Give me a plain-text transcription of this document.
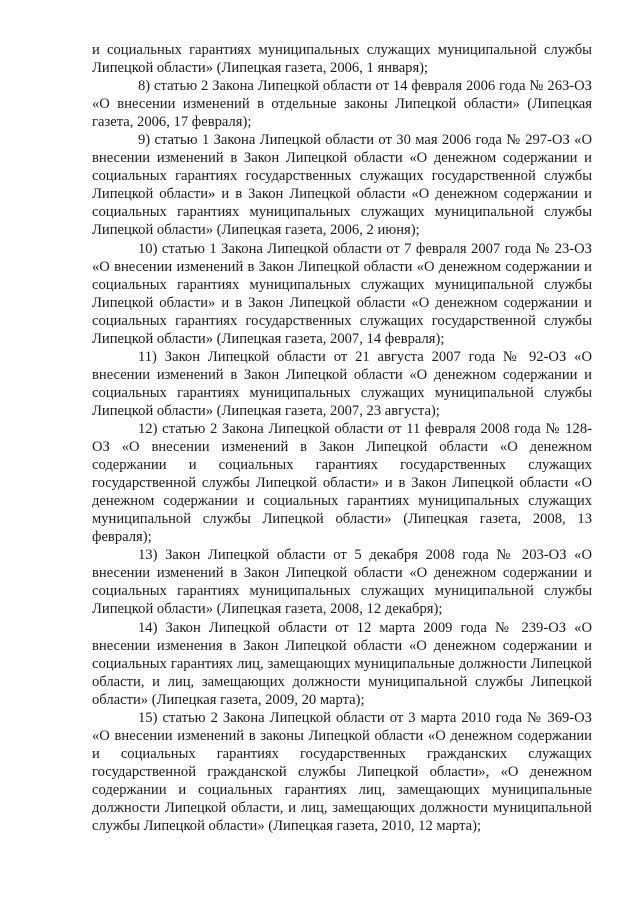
и социальных гарантиях муниципальных служащих муниципальной службы Липецкой области» (Липецкая газета, 2006, 1 января);

8) статью 2 Закона Липецкой области от 14 февраля 2006 года № 263-ОЗ «О внесении изменений в отдельные законы Липецкой области» (Липецкая газета, 2006, 17 февраля);

9) статью 1 Закона Липецкой области от 30 мая 2006 года № 297-ОЗ «О внесении изменений в Закон Липецкой области «О денежном содержании и социальных гарантиях государственных служащих государственной службы Липецкой области» и в Закон Липецкой области «О денежном содержании и социальных гарантиях муниципальных служащих муниципальной службы Липецкой области» (Липецкая газета, 2006, 2 июня);

10) статью 1 Закона Липецкой области от 7 февраля 2007 года № 23-ОЗ «О внесении изменений в Закон Липецкой области «О денежном содержании и социальных гарантиях муниципальных служащих муниципальной службы Липецкой области» и в Закон Липецкой области «О денежном содержании и социальных гарантиях государственных служащих государственной службы Липецкой области» (Липецкая газета, 2007, 14 февраля);

11) Закон Липецкой области от 21 августа 2007 года № 92-ОЗ «О внесении изменений в Закон Липецкой области «О денежном содержании и социальных гарантиях муниципальных служащих муниципальной службы Липецкой области» (Липецкая газета, 2007, 23 августа);

12) статью 2 Закона Липецкой области от 11 февраля 2008 года № 128-ОЗ «О внесении изменений в Закон Липецкой области «О денежном содержании и социальных гарантиях государственных служащих государственной службы Липецкой области» и в Закон Липецкой области «О денежном содержании и социальных гарантиях муниципальных служащих муниципальной службы Липецкой области» (Липецкая газета, 2008, 13 февраля);

13) Закон Липецкой области от 5 декабря 2008 года № 203-ОЗ «О внесении изменений в Закон Липецкой области «О денежном содержании и социальных гарантиях муниципальных служащих муниципальной службы Липецкой области» (Липецкая газета, 2008, 12 декабря);

14) Закон Липецкой области от 12 марта 2009 года № 239-ОЗ «О внесении изменения в Закон Липецкой области «О денежном содержании и социальных гарантиях лиц, замещающих муниципальные должности Липецкой области, и лиц, замещающих должности муниципальной службы Липецкой области» (Липецкая газета, 2009, 20 марта);

15) статью 2 Закона Липецкой области от 3 марта 2010 года № 369-ОЗ «О внесении изменений в законы Липецкой области «О денежном содержании и социальных гарантиях государственных гражданских служащих государственной гражданской службы Липецкой области», «О денежном содержании и социальных гарантиях лиц, замещающих муниципальные должности Липецкой области, и лиц, замещающих должности муниципальной службы Липецкой области» (Липецкая газета, 2010, 12 марта);
